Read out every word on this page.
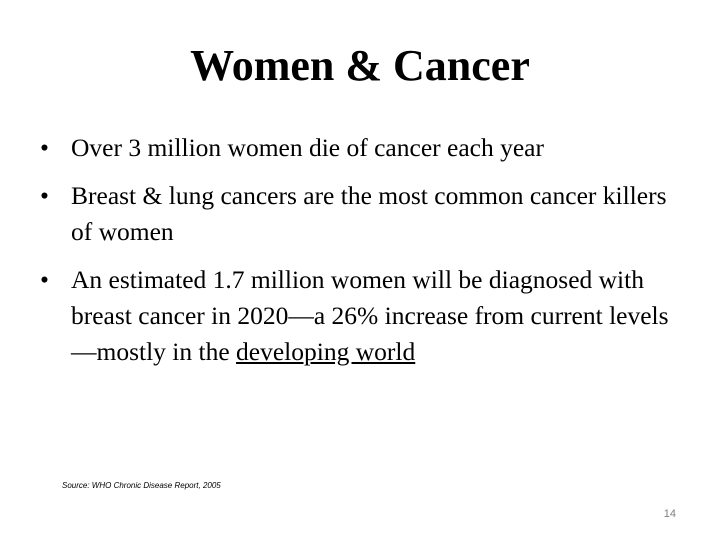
Women & Cancer
• Over 3 million women die of cancer each year
• Breast & lung cancers are the most common cancer killers of women
• An estimated 1.7 million women will be diagnosed with breast cancer in 2020—a 26% increase from current levels—mostly in the developing world
Source: WHO Chronic Disease Report, 2005
14
